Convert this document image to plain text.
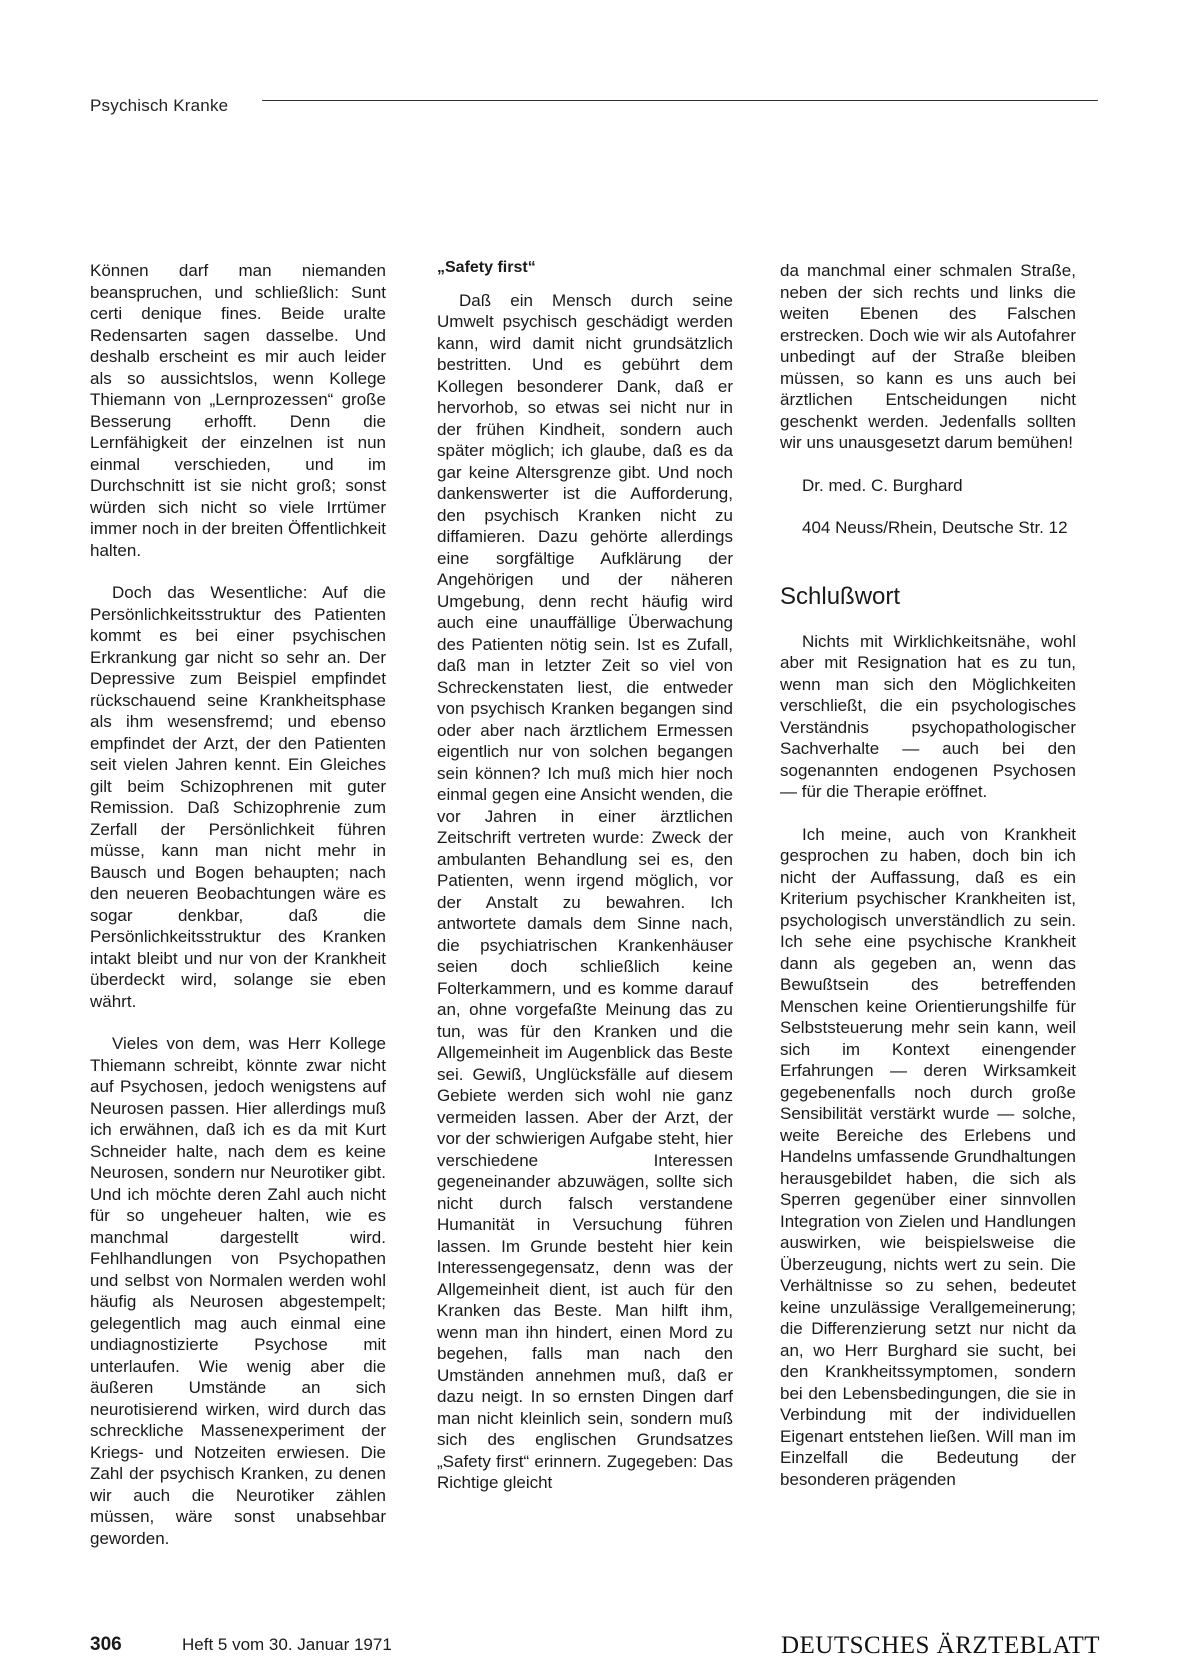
Psychisch Kranke

Können darf man niemanden beanspruchen, und schließlich: Sunt certi denique fines. Beide uralte Redensarten sagen dasselbe. Und deshalb erscheint es mir auch leider als so aussichtslos, wenn Kollege Thiemann von „Lernprozessen“ große Besserung erhofft. Denn die Lernfähigkeit der einzelnen ist nun einmal verschieden, und im Durchschnitt ist sie nicht groß; sonst würden sich nicht so viele Irrtümer immer noch in der breiten Öffentlichkeit halten.

Doch das Wesentliche: Auf die Persönlichkeitsstruktur des Patienten kommt es bei einer psychischen Erkrankung gar nicht so sehr an. Der Depressive zum Beispiel empfindet rückschauend seine Krankheitsphase als ihm wesensfremd; und ebenso empfindet der Arzt, der den Patienten seit vielen Jahren kennt. Ein Gleiches gilt beim Schizophrenen mit guter Remission. Daß Schizophrenie zum Zerfall der Persönlichkeit führen müsse, kann man nicht mehr in Bausch und Bogen behaupten; nach den neueren Beobachtungen wäre es sogar denkbar, daß die Persönlichkeitsstruktur des Kranken intakt bleibt und nur von der Krankheit überdeckt wird, solange sie eben währt.

Vieles von dem, was Herr Kollege Thiemann schreibt, könnte zwar nicht auf Psychosen, jedoch wenigstens auf Neurosen passen. Hier allerdings muß ich erwähnen, daß ich es da mit Kurt Schneider halte, nach dem es keine Neurosen, sondern nur Neurotiker gibt. Und ich möchte deren Zahl auch nicht für so ungeheuer halten, wie es manchmal dargestellt wird. Fehlhandlungen von Psychopathen und selbst von Normalen werden wohl häufig als Neurosen abgestempelt; gelegentlich mag auch einmal eine undiagnostizierte Psychose mit unterlaufen. Wie wenig aber die äußeren Umstände an sich neurotisierend wirken, wird durch das schreckliche Massenexperiment der Kriegs- und Notzeiten erwiesen. Die Zahl der psychisch Kranken, zu denen wir auch die Neurotiker zählen müssen, wäre sonst unabsehbar geworden.

„Safety first“

Daß ein Mensch durch seine Umwelt psychisch geschädigt werden kann, wird damit nicht grundsätzlich bestritten. Und es gebührt dem Kollegen besonderer Dank, daß er hervorhob, so etwas sei nicht nur in der frühen Kindheit, sondern auch später möglich; ich glaube, daß es da gar keine Altersgrenze gibt. Und noch dankenswerter ist die Aufforderung, den psychisch Kranken nicht zu diffamieren. Dazu gehörte allerdings eine sorgfältige Aufklärung der Angehörigen und der näheren Umgebung, denn recht häufig wird auch eine unauffällige Überwachung des Patienten nötig sein. Ist es Zufall, daß man in letzter Zeit so viel von Schreckenstaten liest, die entweder von psychisch Kranken begangen sind oder aber nach ärztlichem Ermessen eigentlich nur von solchen begangen sein können? Ich muß mich hier noch einmal gegen eine Ansicht wenden, die vor Jahren in einer ärztlichen Zeitschrift vertreten wurde: Zweck der ambulanten Behandlung sei es, den Patienten, wenn irgend möglich, vor der Anstalt zu bewahren. Ich antwortete damals dem Sinne nach, die psychiatrischen Krankenhäuser seien doch schließlich keine Folterkammern, und es komme darauf an, ohne vorgefaßte Meinung das zu tun, was für den Kranken und die Allgemeinheit im Augenblick das Beste sei. Gewiß, Unglücksfälle auf diesem Gebiete werden sich wohl nie ganz vermeiden lassen. Aber der Arzt, der vor der schwierigen Aufgabe steht, hier verschiedene Interessen gegeneinander abzuwägen, sollte sich nicht durch falsch verstandene Humanität in Versuchung führen lassen. Im Grunde besteht hier kein Interessengegensatz, denn was der Allgemeinheit dient, ist auch für den Kranken das Beste. Man hilft ihm, wenn man ihn hindert, einen Mord zu begehen, falls man nach den Umständen annehmen muß, daß er dazu neigt. In so ernsten Dingen darf man nicht kleinlich sein, sondern muß sich des englischen Grundsatzes „Safety first“ erinnern. Zugegeben: Das Richtige gleicht

da manchmal einer schmalen Straße, neben der sich rechts und links die weiten Ebenen des Falschen erstrecken. Doch wie wir als Autofahrer unbedingt auf der Straße bleiben müssen, so kann es uns auch bei ärztlichen Entscheidungen nicht geschenkt werden. Jedenfalls sollten wir uns unausgesetzt darum bemühen!

Dr. med. C. Burghard

404 Neuss/Rhein, Deutsche Str. 12

Schlußwort

Nichts mit Wirklichkeitsnähe, wohl aber mit Resignation hat es zu tun, wenn man sich den Möglichkeiten verschließt, die ein psychologisches Verständnis psychopathologischer Sachverhalte — auch bei den sogenannten endogenen Psychosen — für die Therapie eröffnet.

Ich meine, auch von Krankheit gesprochen zu haben, doch bin ich nicht der Auffassung, daß es ein Kriterium psychischer Krankheiten ist, psychologisch unverständlich zu sein. Ich sehe eine psychische Krankheit dann als gegeben an, wenn das Bewußtsein des betreffenden Menschen keine Orientierungshilfe für Selbststeuerung mehr sein kann, weil sich im Kontext einengender Erfahrungen — deren Wirksamkeit gegebenenfalls noch durch große Sensibilität verstärkt wurde — solche, weite Bereiche des Erlebens und Handelns umfassende Grundhaltungen herausgebildet haben, die sich als Sperren gegenüber einer sinnvollen Integration von Zielen und Handlungen auswirken, wie beispielsweise die Überzeugung, nichts wert zu sein. Die Verhältnisse so zu sehen, bedeutet keine unzulässige Verallgemeinerung; die Differenzierung setzt nur nicht da an, wo Herr Burghard sie sucht, bei den Krankheitssymptomen, sondern bei den Lebensbedingungen, die sie in Verbindung mit der individuellen Eigenart entstehen ließen. Will man im Einzelfall die Bedeutung der besonderen prägenden

306	Heft 5 vom 30. Januar 1971	DEUTSCHES ÄRZTEBLATT
